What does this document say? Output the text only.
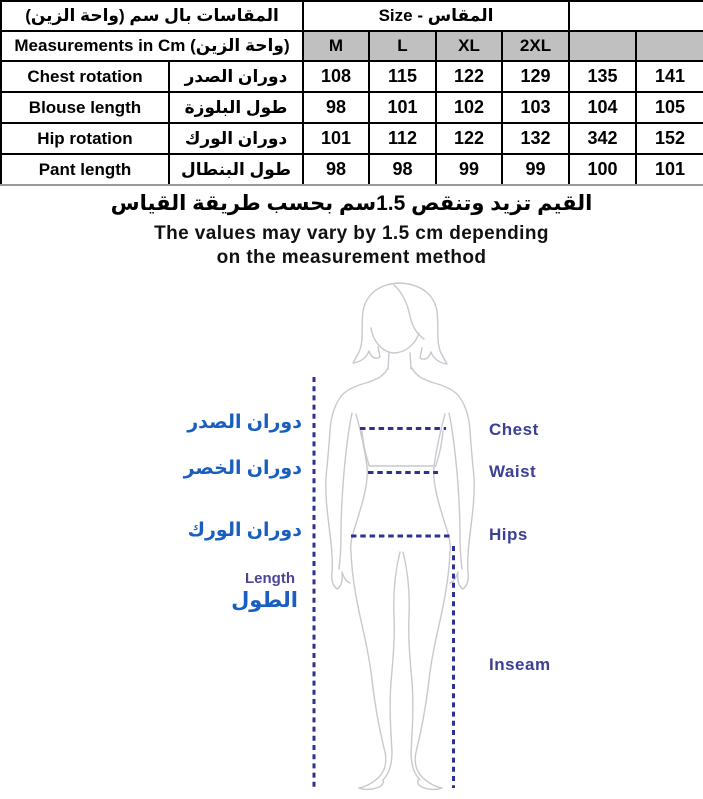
المقاسات بال سم (واحة الزين)		Size - المقاس					
Measurements in Cm (واحة الزين)		M	L	XL	2XL		
Chest rotation	دوران الصدر	108	115	122	129	135	141
Blouse length	طول البلوزة	98	101	102	103	104	105
Hip rotation	دوران الورك	101	112	122	132	342	152
Pant length	طول البنطال	98	98	99	99	100	101
القيم تزيد وتنقص 1.5سم بحسب طريقة القياس
The values may vary by 1.5 cm depending
on the measurement method
دوران الصدر
دوران الخصر
دوران الورك
Length
الطول
Chest
Waist
Hips
Inseam
